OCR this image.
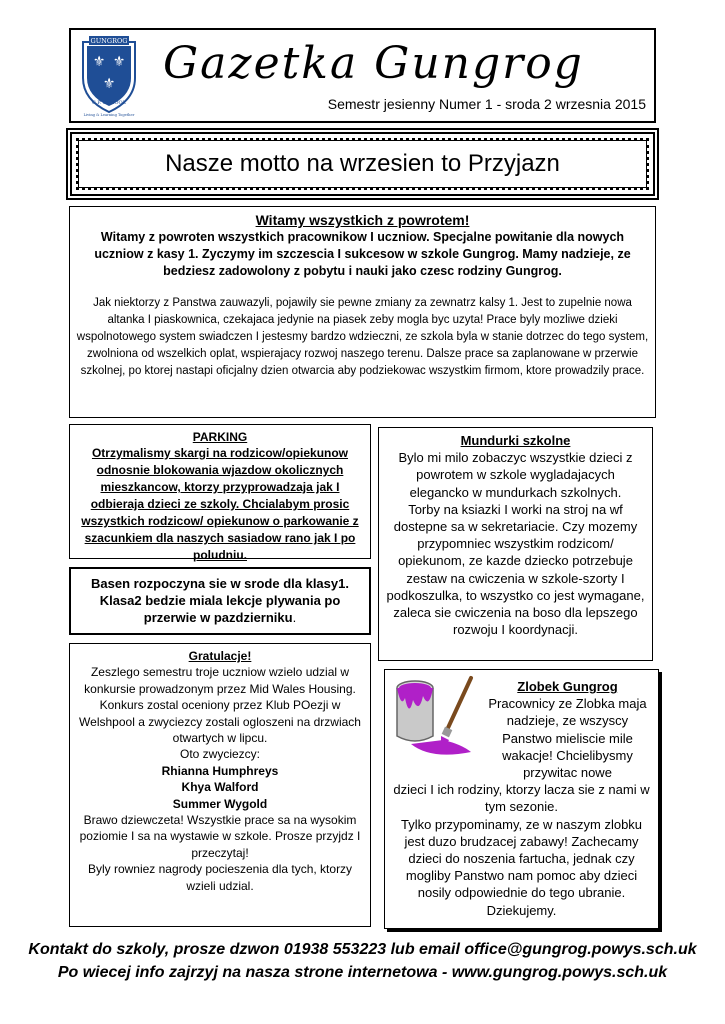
GUNGROG
⚜ ⚜
⚜
C.P. SCHOOL
Living & Learning Together
Gazetka Gungrog
Semestr jesienny Numer 1 - sroda 2 wrzesnia 2015
Nasze motto na wrzesien to Przyjazn
Witamy wszystkich z powrotem!
Witamy z powroten wszystkich pracownikow I uczniow. Specjalne powitanie dla nowych uczniow z kasy 1. Zyczymy im szczescia I sukcesow w szkole Gungrog. Mamy nadzieje, ze bedziesz zadowolony z pobytu i nauki jako czesc rodziny Gungrog.
Jak niektorzy z Panstwa zauwazyli, pojawily sie pewne zmiany za zewnatrz kalsy 1. Jest to zupelnie nowa altanka I piaskownica, czekajaca jedynie na piasek zeby mogla byc uzyta! Prace byly mozliwe dzieki wspolnotowego system swiadczen I jestesmy bardzo wdzieczni, ze szkola byla w stanie dotrzec do tego system, zwolniona od wszelkich oplat, wspierajacy rozwoj naszego terenu. Dalsze prace sa zaplanowane w przerwie szkolnej, po ktorej nastapi oficjalny dzien otwarcia aby podziekowac wszystkim firmom, ktore prowadzily prace.
PARKING
Otrzymalismy skargi na rodzicow/opiekunow odnosnie blokowania wjazdow okolicznych mieszkancow, ktorzy przyprowadzaja jak I odbieraja dzieci ze szkoly. Chcialabym prosic wszystkich rodzicow/ opiekunow o parkowanie z szacunkiem dla naszych sasiadow rano jak I po poludniu.
Basen rozpoczyna sie w srode dla klasy1. Klasa2 bedzie miala lekcje plywania po przerwie w pazdzierniku.
Gratulacje!
Zeszlego semestru troje uczniow wzielo udzial w konkursie prowadzonym przez Mid Wales Housing. Konkurs zostal oceniony przez Klub POezji w Welshpool a zwyciezcy zostali ogloszeni na drzwiach otwartych w lipcu.
Oto zwyciezcy:
Rhianna Humphreys
Khya Walford
Summer Wygold
Brawo dziewczeta! Wszystkie prace sa na wysokim poziomie I sa na wystawie w szkole. Prosze przyjdz I przeczytaj!
Byly rowniez nagrody pocieszenia dla tych, ktorzy wzieli udzial.
Mundurki szkolne
Bylo mi milo zobaczyc wszystkie dzieci z powrotem w szkole wygladajacych elegancko w mundurkach szkolnych.
Torby na ksiazki I worki na stroj na wf dostepne sa w sekretariacie. Czy mozemy przypomniec wszystkim rodzicom/ opiekunom, ze kazde dziecko potrzebuje zestaw na cwiczenia w szkole-szorty I podkoszulka, to wszystko co jest wymagane, zaleca sie cwiczenia na boso dla lepszego rozwoju I koordynacji.
Zlobek Gungrog
Pracownicy ze Zlobka maja nadzieje, ze wszyscy Panstwo mieliscie mile wakacje! Chcielibysmy przywitac nowe
dzieci I ich rodziny, ktorzy lacza sie z nami w tym sezonie.
Tylko przypominamy, ze w naszym zlobku jest duzo brudzacej zabawy! Zachecamy dzieci do noszenia fartucha, jednak czy mogliby Panstwo nam pomoc aby dzieci nosily odpowiednie do tego ubranie.
Dziekujemy.
Kontakt do szkoly, prosze dzwon 01938 553223 lub email office@gungrog.powys.sch.uk
Po wiecej info zajrzyj na nasza strone internetowa - www.gungrog.powys.sch.uk
